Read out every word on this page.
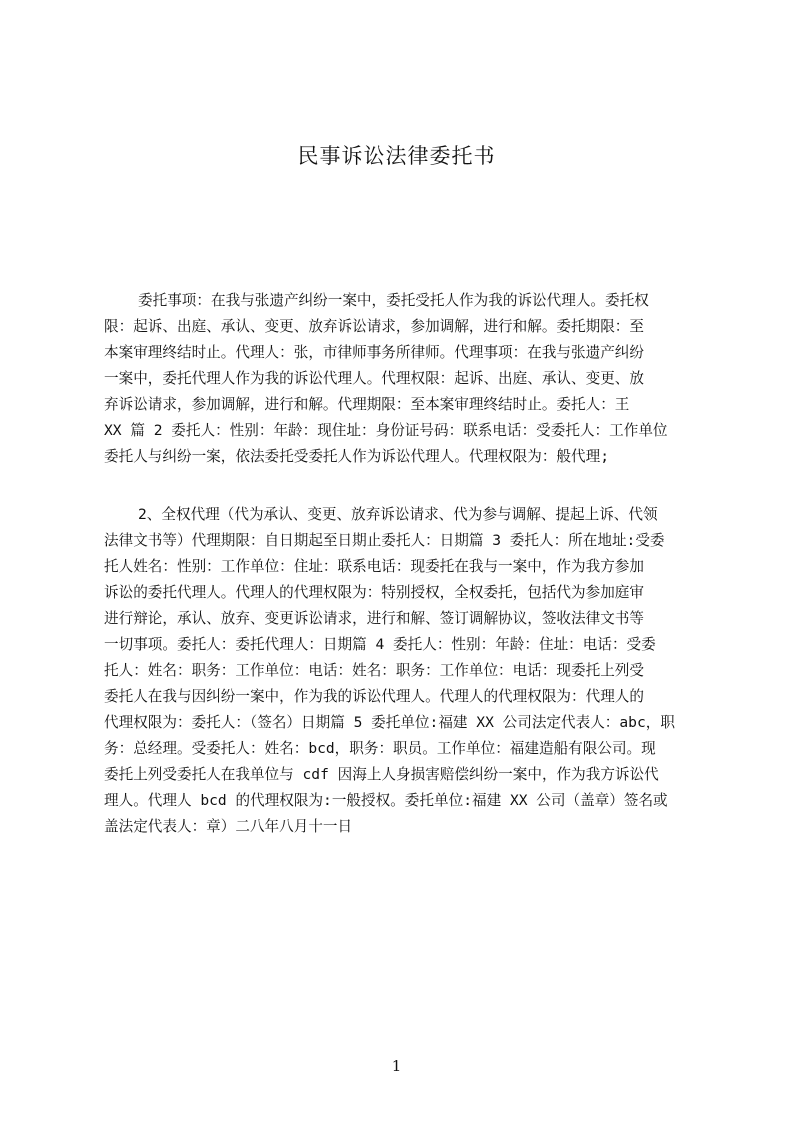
民事诉讼法律委托书
委托事项：在我与张遗产纠纷一案中，委托受托人作为我的诉讼代理人。委托权
限：起诉、出庭、承认、变更、放弃诉讼请求，参加调解，进行和解。委托期限：至
本案审理终结时止。代理人：张，市律师事务所律师。代理事项：在我与张遗产纠纷
一案中，委托代理人作为我的诉讼代理人。代理权限：起诉、出庭、承认、变更、放
弃诉讼请求，参加调解，进行和解。代理期限：至本案审理终结时止。委托人：王
XX 篇 2 委托人：性别：年龄：现住址：身份证号码：联系电话：受委托人：工作单位
委托人与纠纷一案，依法委托受委托人作为诉讼代理人。代理权限为：般代理;
2、全权代理（代为承认、变更、放弃诉讼请求、代为参与调解、提起上诉、代领
法律文书等）代理期限：自日期起至日期止委托人：日期篇 3 委托人：所在地址:受委
托人姓名：性别：工作单位：住址：联系电话：现委托在我与一案中，作为我方参加
诉讼的委托代理人。代理人的代理权限为：特别授权，全权委托，包括代为参加庭审
进行辩论，承认、放弃、变更诉讼请求，进行和解、签订调解协议，签收法律文书等
一切事项。委托人：委托代理人：日期篇 4 委托人：性别：年龄：住址：电话：受委
托人：姓名：职务：工作单位：电话：姓名：职务：工作单位：电话：现委托上列受
委托人在我与因纠纷一案中，作为我的诉讼代理人。代理人的代理权限为：代理人的
代理权限为：委托人：（签名）日期篇 5 委托单位:福建 XX 公司法定代表人：abc，职
务：总经理。受委托人：姓名：bcd，职务：职员。工作单位：福建造船有限公司。现
委托上列受委托人在我单位与 cdf 因海上人身损害赔偿纠纷一案中，作为我方诉讼代
理人。代理人 bcd 的代理权限为:一般授权。委托单位:福建 XX 公司（盖章）签名或
盖法定代表人：章）二八年八月十一日
1
